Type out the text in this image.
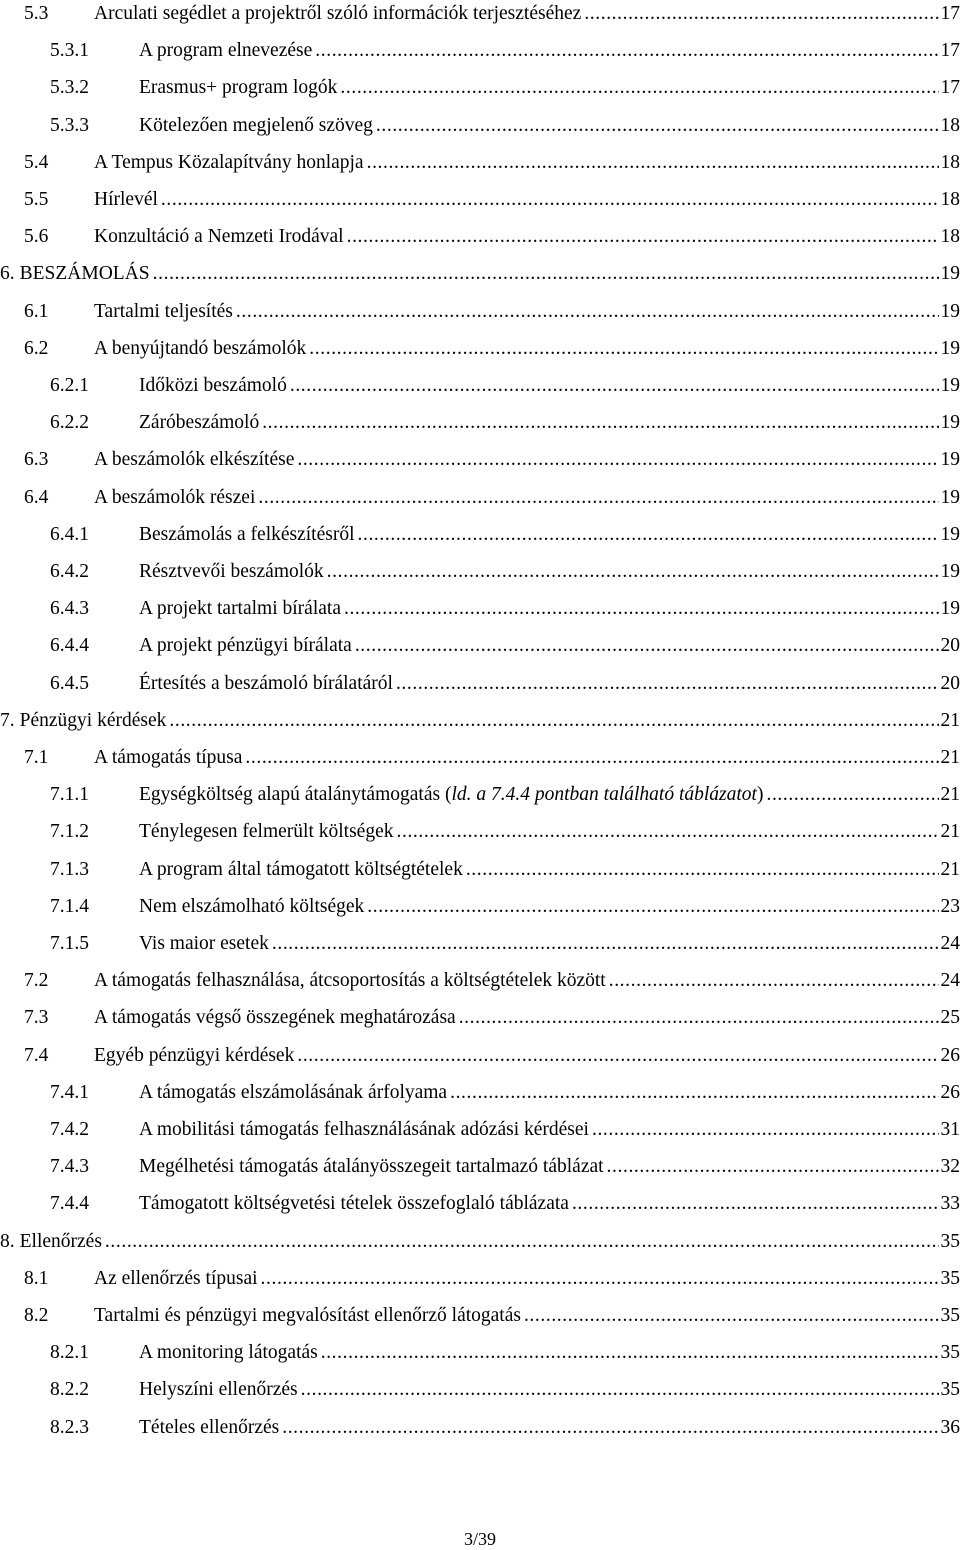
5.3	Arculati segédlet a projektről szóló információk terjesztéséhez .....	17
5.3.1	A program elnevezése .....	17
5.3.2	Erasmus+ program logók .....	17
5.3.3	Kötelezően megjelenő szöveg .....	18
5.4	A Tempus Közalapítvány honlapja .....	18
5.5	Hírlevél .....	18
5.6	Konzultáció a Nemzeti Irodával .....	18
6. BESZÁMOLÁS .....	19
6.1	Tartalmi teljesítés .....	19
6.2	A benyújtandó beszámolók .....	19
6.2.1	Időközi beszámoló .....	19
6.2.2	Záróbeszámoló .....	19
6.3	A beszámolók elkészítése .....	19
6.4	A beszámolók részei .....	19
6.4.1	Beszámolás a felkészítésről .....	19
6.4.2	Résztvevői beszámolók .....	19
6.4.3	A projekt tartalmi bírálata .....	19
6.4.4	A projekt pénzügyi bírálata .....	20
6.4.5	Értesítés a beszámoló bírálatáról .....	20
7. Pénzügyi kérdések .....	21
7.1	A támogatás típusa .....	21
7.1.1	Egységköltség alapú átalánytámogatás (ld. a 7.4.4 pontban található táblázatot) .....	21
7.1.2	Ténylegesen felmerült költségek .....	21
7.1.3	A program által támogatott költségtételek .....	21
7.1.4	Nem elszámolható költségek .....	23
7.1.5	Vis maior esetek .....	24
7.2	A támogatás felhasználása, átcsoportosítás a költségtételek között .....	24
7.3	A támogatás végső összegének meghatározása .....	25
7.4	Egyéb pénzügyi kérdések .....	26
7.4.1	A támogatás elszámolásának árfolyama .....	26
7.4.2	A mobilitási támogatás felhasználásának adózási kérdései .....	31
7.4.3	Megélhetési támogatás átalányösszegeit tartalmazó táblázat .....	32
7.4.4	Támogatott költségvetési tételek összefoglaló táblázata .....	33
8. Ellenőrzés .....	35
8.1	Az ellenőrzés típusai .....	35
8.2	Tartalmi és pénzügyi megvalósítást ellenőrző látogatás .....	35
8.2.1	A monitoring látogatás .....	35
8.2.2	Helyszíni ellenőrzés .....	35
8.2.3	Tételes ellenőrzés .....	36
3/39
